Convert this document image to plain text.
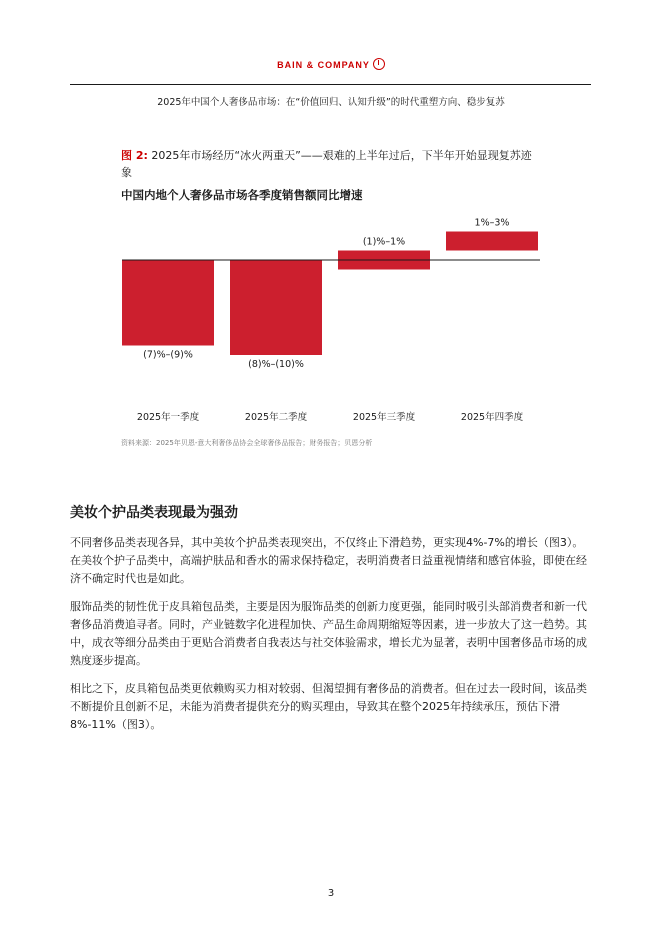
BAIN & COMPANY
2025年中国个人奢侈品市场：在“价值回归、认知升级”的时代重塑方向、稳步复苏
图 2: 2025年市场经历“冰火两重天”——艰难的上半年过后，下半年开始显现复苏迹象
中国内地个人奢侈品市场各季度销售额同比增速
(7)%–(9)%
2025年一季度
(8)%–(10)%
2025年二季度
(1)%–1%
2025年三季度
1%–3%
2025年四季度
资料来源：2025年贝恩-意大利奢侈品协会全球奢侈品报告；财务报告；贝恩分析
美妆个护品类表现最为强劲
不同奢侈品类表现各异，其中美妆个护品类表现突出，不仅终止下滑趋势，更实现4%-7%的增长（图3）。在美妆个护子品类中，高端护肤品和香水的需求保持稳定，表明消费者日益重视情绪和感官体验，即使在经济不确定时代也是如此。
服饰品类的韧性优于皮具箱包品类，主要是因为服饰品类的创新力度更强，能同时吸引头部消费者和新一代奢侈品消费追寻者。同时，产业链数字化进程加快、产品生命周期缩短等因素，进一步放大了这一趋势。其中，成衣等细分品类由于更贴合消费者自我表达与社交体验需求，增长尤为显著，表明中国奢侈品市场的成熟度逐步提高。
相比之下，皮具箱包品类更依赖购买力相对较弱、但渴望拥有奢侈品的消费者。但在过去一段时间，该品类不断提价且创新不足，未能为消费者提供充分的购买理由，导致其在整个2025年持续承压，预估下滑8%-11%（图3）。
3
